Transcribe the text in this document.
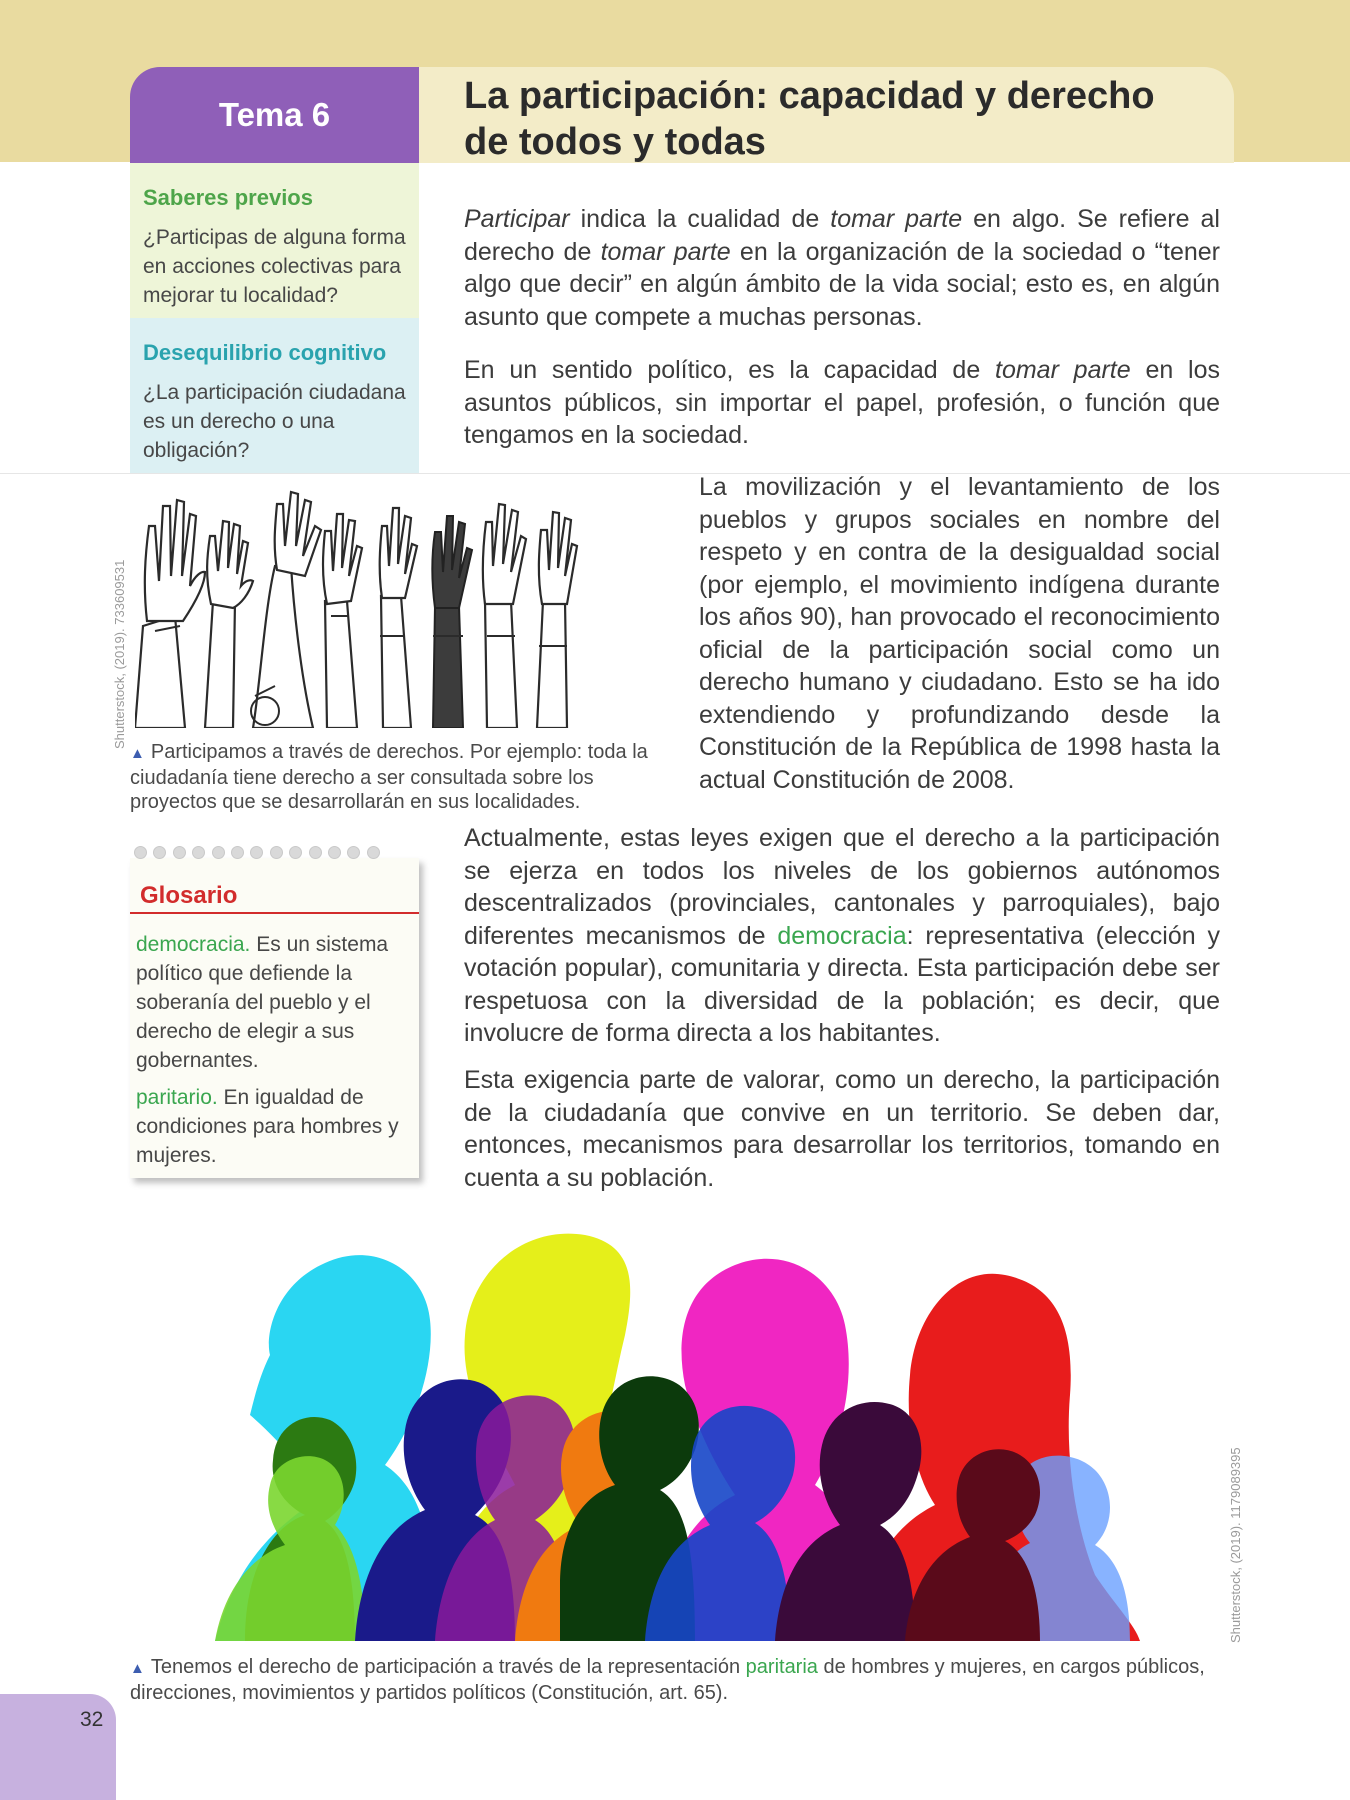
Tema 6	La participación: capacidad y derecho
de todos y todas
Saberes previos
¿Participas de alguna forma en acciones colectivas para mejorar tu localidad?
Desequilibrio cognitivo
¿La participación ciudadana es un derecho o una obligación?

Participar indica la cualidad de tomar parte en algo. Se refiere al derecho de tomar parte en la organización de la sociedad o “tener algo que decir” en algún ámbito de la vida social; esto es, en algún asunto que compete a muchas personas.

En un sentido político, es la capacidad de tomar parte en los asuntos públicos, sin importar el papel, profesión, o función que tengamos en la sociedad.

Shutterstock, (2019). 733609531
▲ Participamos a través de derechos. Por ejemplo: toda la ciudadanía tiene derecho a ser consultada sobre los proyectos que se desarrollarán en sus localidades.

La movilización y el levantamiento de los pueblos y grupos sociales en nombre del respeto y en contra de la desigualdad social (por ejemplo, el movimiento indígena durante los años 90), han provocado el reconocimiento oficial de la participación social como un derecho humano y ciudadano. Esto se ha ido extendiendo y profundizando desde la Constitución de la República de 1998 hasta la actual Constitución de 2008.

Glosario

democracia. Es un sistema político que defiende la soberanía del pueblo y el derecho de elegir a sus gobernantes.

paritario. En igualdad de condiciones para hombres y mujeres.

Actualmente, estas leyes exigen que el derecho a la participación se ejerza en todos los niveles de los gobiernos autónomos descentralizados (provinciales, cantonales y parroquiales), bajo diferentes mecanismos de democracia: representativa (elección y votación popular), comunitaria y directa. Esta participación debe ser respetuosa con la diversidad de la población; es decir, que involucre de forma directa a los habitantes.

Esta exigencia parte de valorar, como un derecho, la participación de la ciudadanía que convive en un territorio. Se deben dar, entonces, mecanismos para desarrollar los territorios, tomando en cuenta a su población.

Shutterstock, (2019). 1179089395
▲ Tenemos el derecho de participación a través de la representación paritaria de hombres y mujeres, en cargos públicos, direcciones, movimientos y partidos políticos (Constitución, art. 65).
32
